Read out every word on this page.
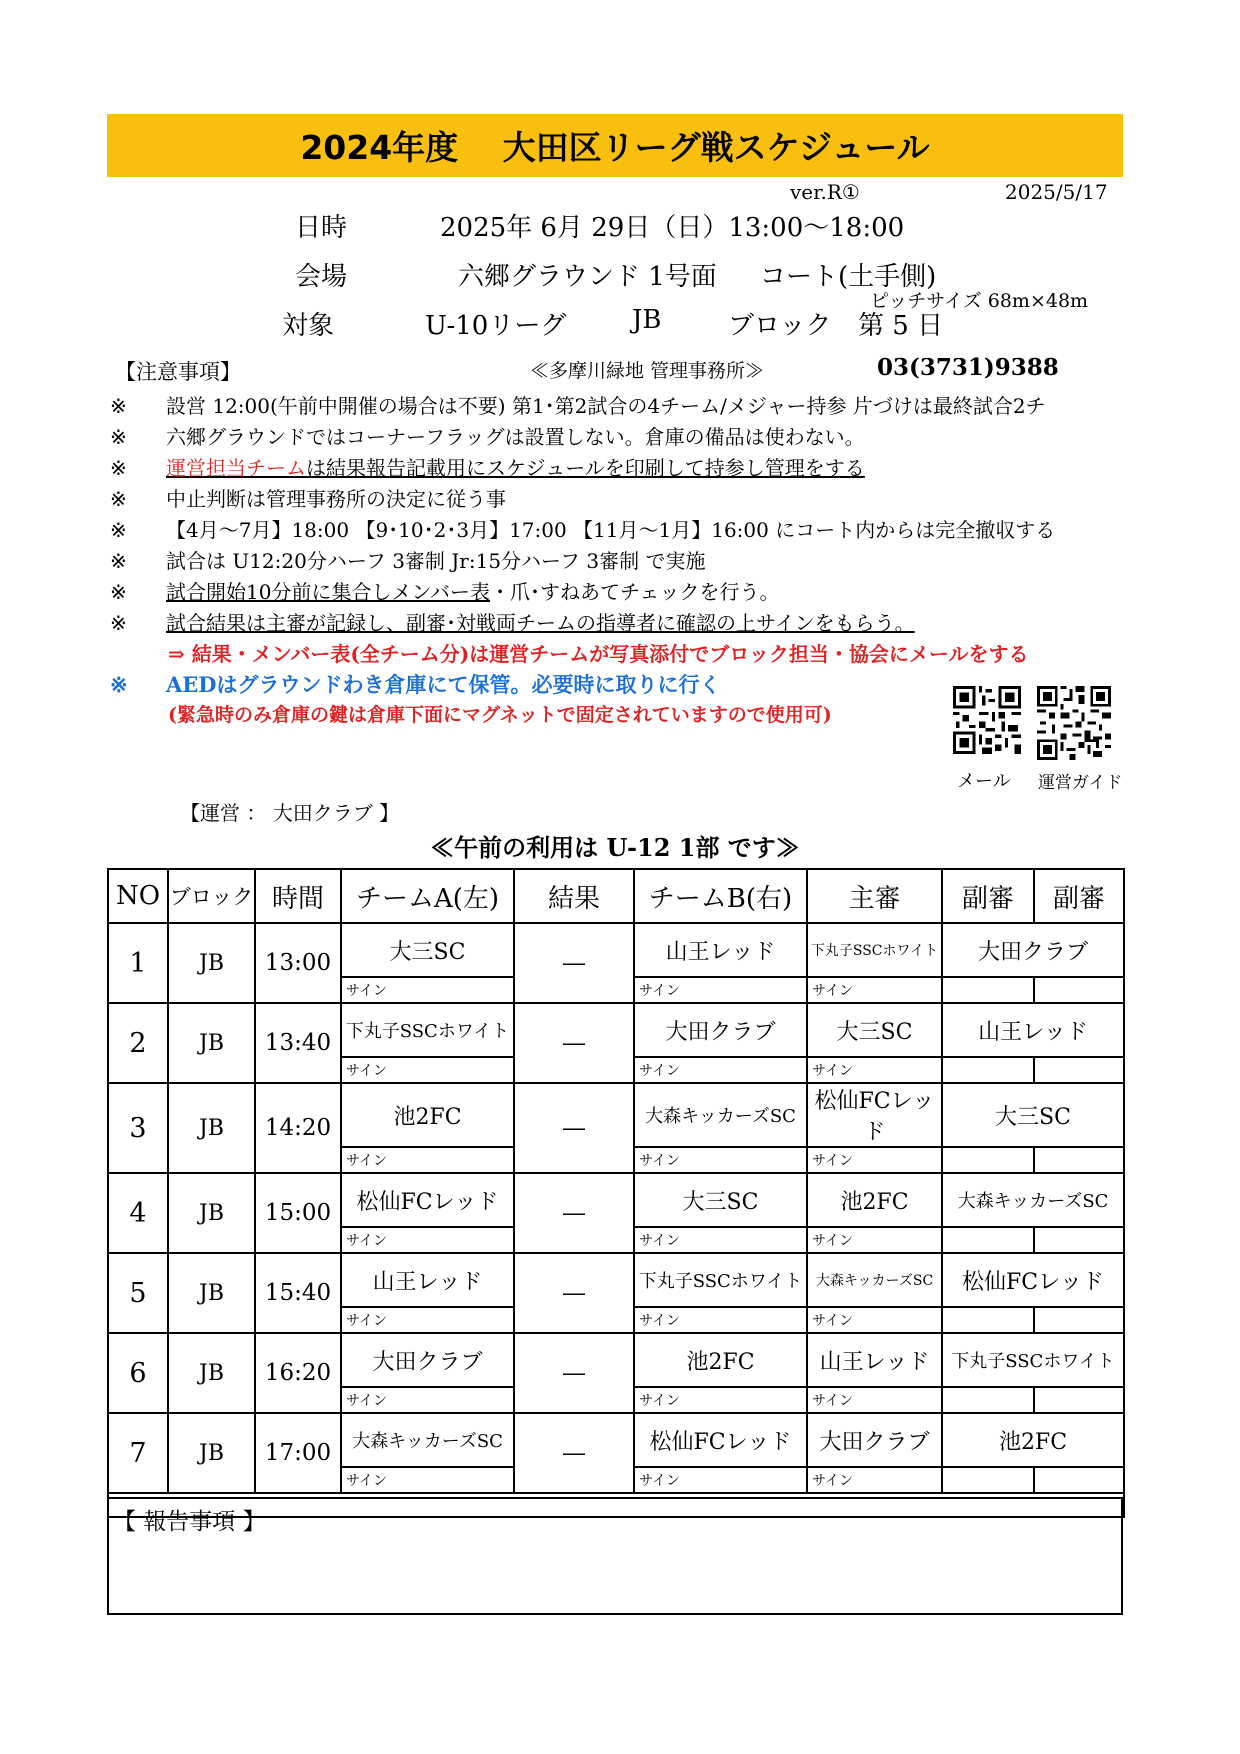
2024年度　 大田区リーグ戦スケジュール
ver.R①	2025/5/17
日時	2025年 6月 29日（日）13:00～18:00
会場	六郷グラウンド 1号面 コート(土手側)
ピッチサイズ 68m×48m
対象	U-10リーグ	JB	ブロック 第 5 日
【注意事項】	≪多摩川緑地 管理事務所≫	03(3731)9388
※ 設営 12:00(午前中開催の場合は不要) 第1･第2試合の4チーム/メジャー持参 片づけは最終試合2チ
※ 六郷グラウンドではコーナーフラッグは設置しない。倉庫の備品は使わない。
※ 運営担当チームは結果報告記載用にスケジュールを印刷して持参し管理をする
※ 中止判断は管理事務所の決定に従う事
※ 【4月～7月】18:00 【9･10･2･3月】17:00 【11月～1月】16:00 にコート内からは完全撤収する
※ 試合は U12:20分ハーフ 3審制 Jr:15分ハーフ 3審制 で実施
※ 試合開始10分前に集合しメンバー表・爪･すねあてチェックを行う。
※ 試合結果は主審が記録し、副審･対戦両チームの指導者に確認の上サインをもらう。
⇒ 結果・メンバー表(全チーム分)は運営チームが写真添付でブロック担当・協会にメールをする
※ AEDはグラウンドわき倉庫にて保管。必要時に取りに行く
(緊急時のみ倉庫の鍵は倉庫下面にマグネットで固定されていますので使用可)
メール 運営ガイド
【運営 ： 大田クラブ 】
≪午前の利用は U-12 1部 です≫
NO	ブロック	時間	チームA(左)	結果	チームB(右)	主審	副審	副審
1	JB	13:00	大三SC	―	山王レッド	下丸子SSCホワイト	大田クラブ	
			サイン		サイン	サイン		
2	JB	13:40	下丸子SSCホワイト	―	大田クラブ	大三SC	山王レッド	
			サイン		サイン	サイン		
3	JB	14:20	池2FC	―	大森キッカーズSC	松仙FCレッド	大三SC	
			サイン		サイン	サイン		
4	JB	15:00	松仙FCレッド	―	大三SC	池2FC	大森キッカーズSC	
			サイン		サイン	サイン		
5	JB	15:40	山王レッド	―	下丸子SSCホワイト	大森キッカーズSC	松仙FCレッド	
			サイン		サイン	サイン		
6	JB	16:20	大田クラブ	―	池2FC	山王レッド	下丸子SSCホワイト	
			サイン		サイン	サイン		
7	JB	17:00	大森キッカーズSC	―	松仙FCレッド	大田クラブ	池2FC	
			サイン		サイン	サイン		

【 報告事項 】
